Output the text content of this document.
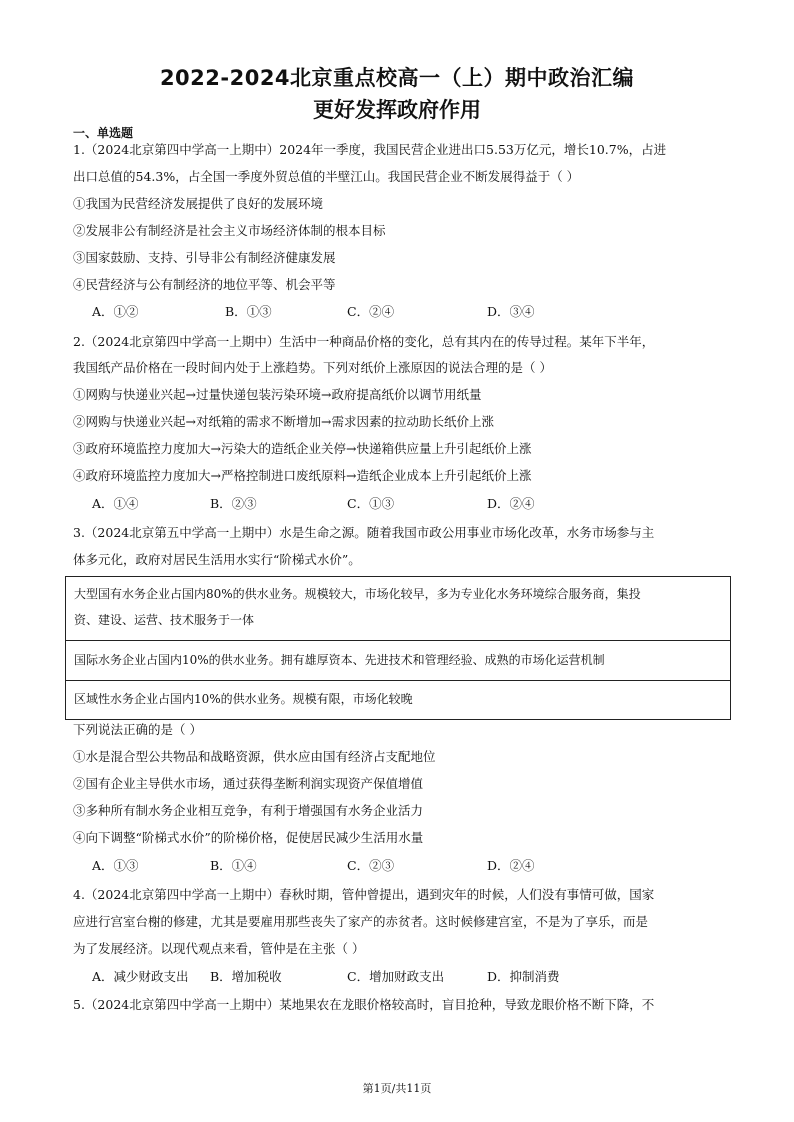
2022-2024北京重点校高一（上）期中政治汇编
更好发挥政府作用
一、单选题
1.（2024北京第四中学高一上期中）2024年一季度，我国民营企业进出口5.53万亿元，增长10.7%，占进
出口总值的54.3%，占全国一季度外贸总值的半壁江山。我国民营企业不断发展得益于（ ）
①我国为民营经济发展提供了良好的发展环境
②发展非公有制经济是社会主义市场经济体制的根本目标
③国家鼓励、支持、引导非公有制经济健康发展
④民营经济与公有制经济的地位平等、机会平等
A．①②	B．①③	C．②④	D．③④
2.（2024北京第四中学高一上期中）生活中一种商品价格的变化，总有其内在的传导过程。某年下半年，
我国纸产品价格在一段时间内处于上涨趋势。下列对纸价上涨原因的说法合理的是（ ）
①网购与快递业兴起→过量快递包装污染环境→政府提高纸价以调节用纸量
②网购与快递业兴起→对纸箱的需求不断增加→需求因素的拉动助长纸价上涨
③政府环境监控力度加大→污染大的造纸企业关停→快递箱供应量上升引起纸价上涨
④政府环境监控力度加大→严格控制进口废纸原料→造纸企业成本上升引起纸价上涨
A．①④	B．②③	C．①③	D．②④
3.（2024北京第五中学高一上期中）水是生命之源。随着我国市政公用事业市场化改革，水务市场参与主
体多元化，政府对居民生活用水实行“阶梯式水价”。
大型国有水务企业占国内80%的供水业务。规模较大，市场化较早，多为专业化水务环境综合服务商，集投
资、建设、运营、技术服务于一体
国际水务企业占国内10%的供水业务。拥有雄厚资本、先进技术和管理经验、成熟的市场化运营机制
区域性水务企业占国内10%的供水业务。规模有限，市场化较晚
下列说法正确的是（ ）
①水是混合型公共物品和战略资源，供水应由国有经济占支配地位
②国有企业主导供水市场，通过获得垄断利润实现资产保值增值
③多种所有制水务企业相互竞争，有利于增强国有水务企业活力
④向下调整“阶梯式水价”的阶梯价格，促使居民减少生活用水量
A．①③	B．①④	C．②③	D．②④
4.（2024北京第四中学高一上期中）春秋时期，管仲曾提出，遇到灾年的时候，人们没有事情可做，国家
应进行宫室台榭的修建，尤其是要雇用那些丧失了家产的赤贫者。这时候修建宫室，不是为了享乐，而是
为了发展经济。以现代观点来看，管仲是在主张（ ）
A．减少财政支出 B．增加税收	C．增加财政支出	D．抑制消费
5.（2024北京第四中学高一上期中）某地果农在龙眼价格较高时，盲目抢种，导致龙眼价格不断下降，不
第1页/共11页
